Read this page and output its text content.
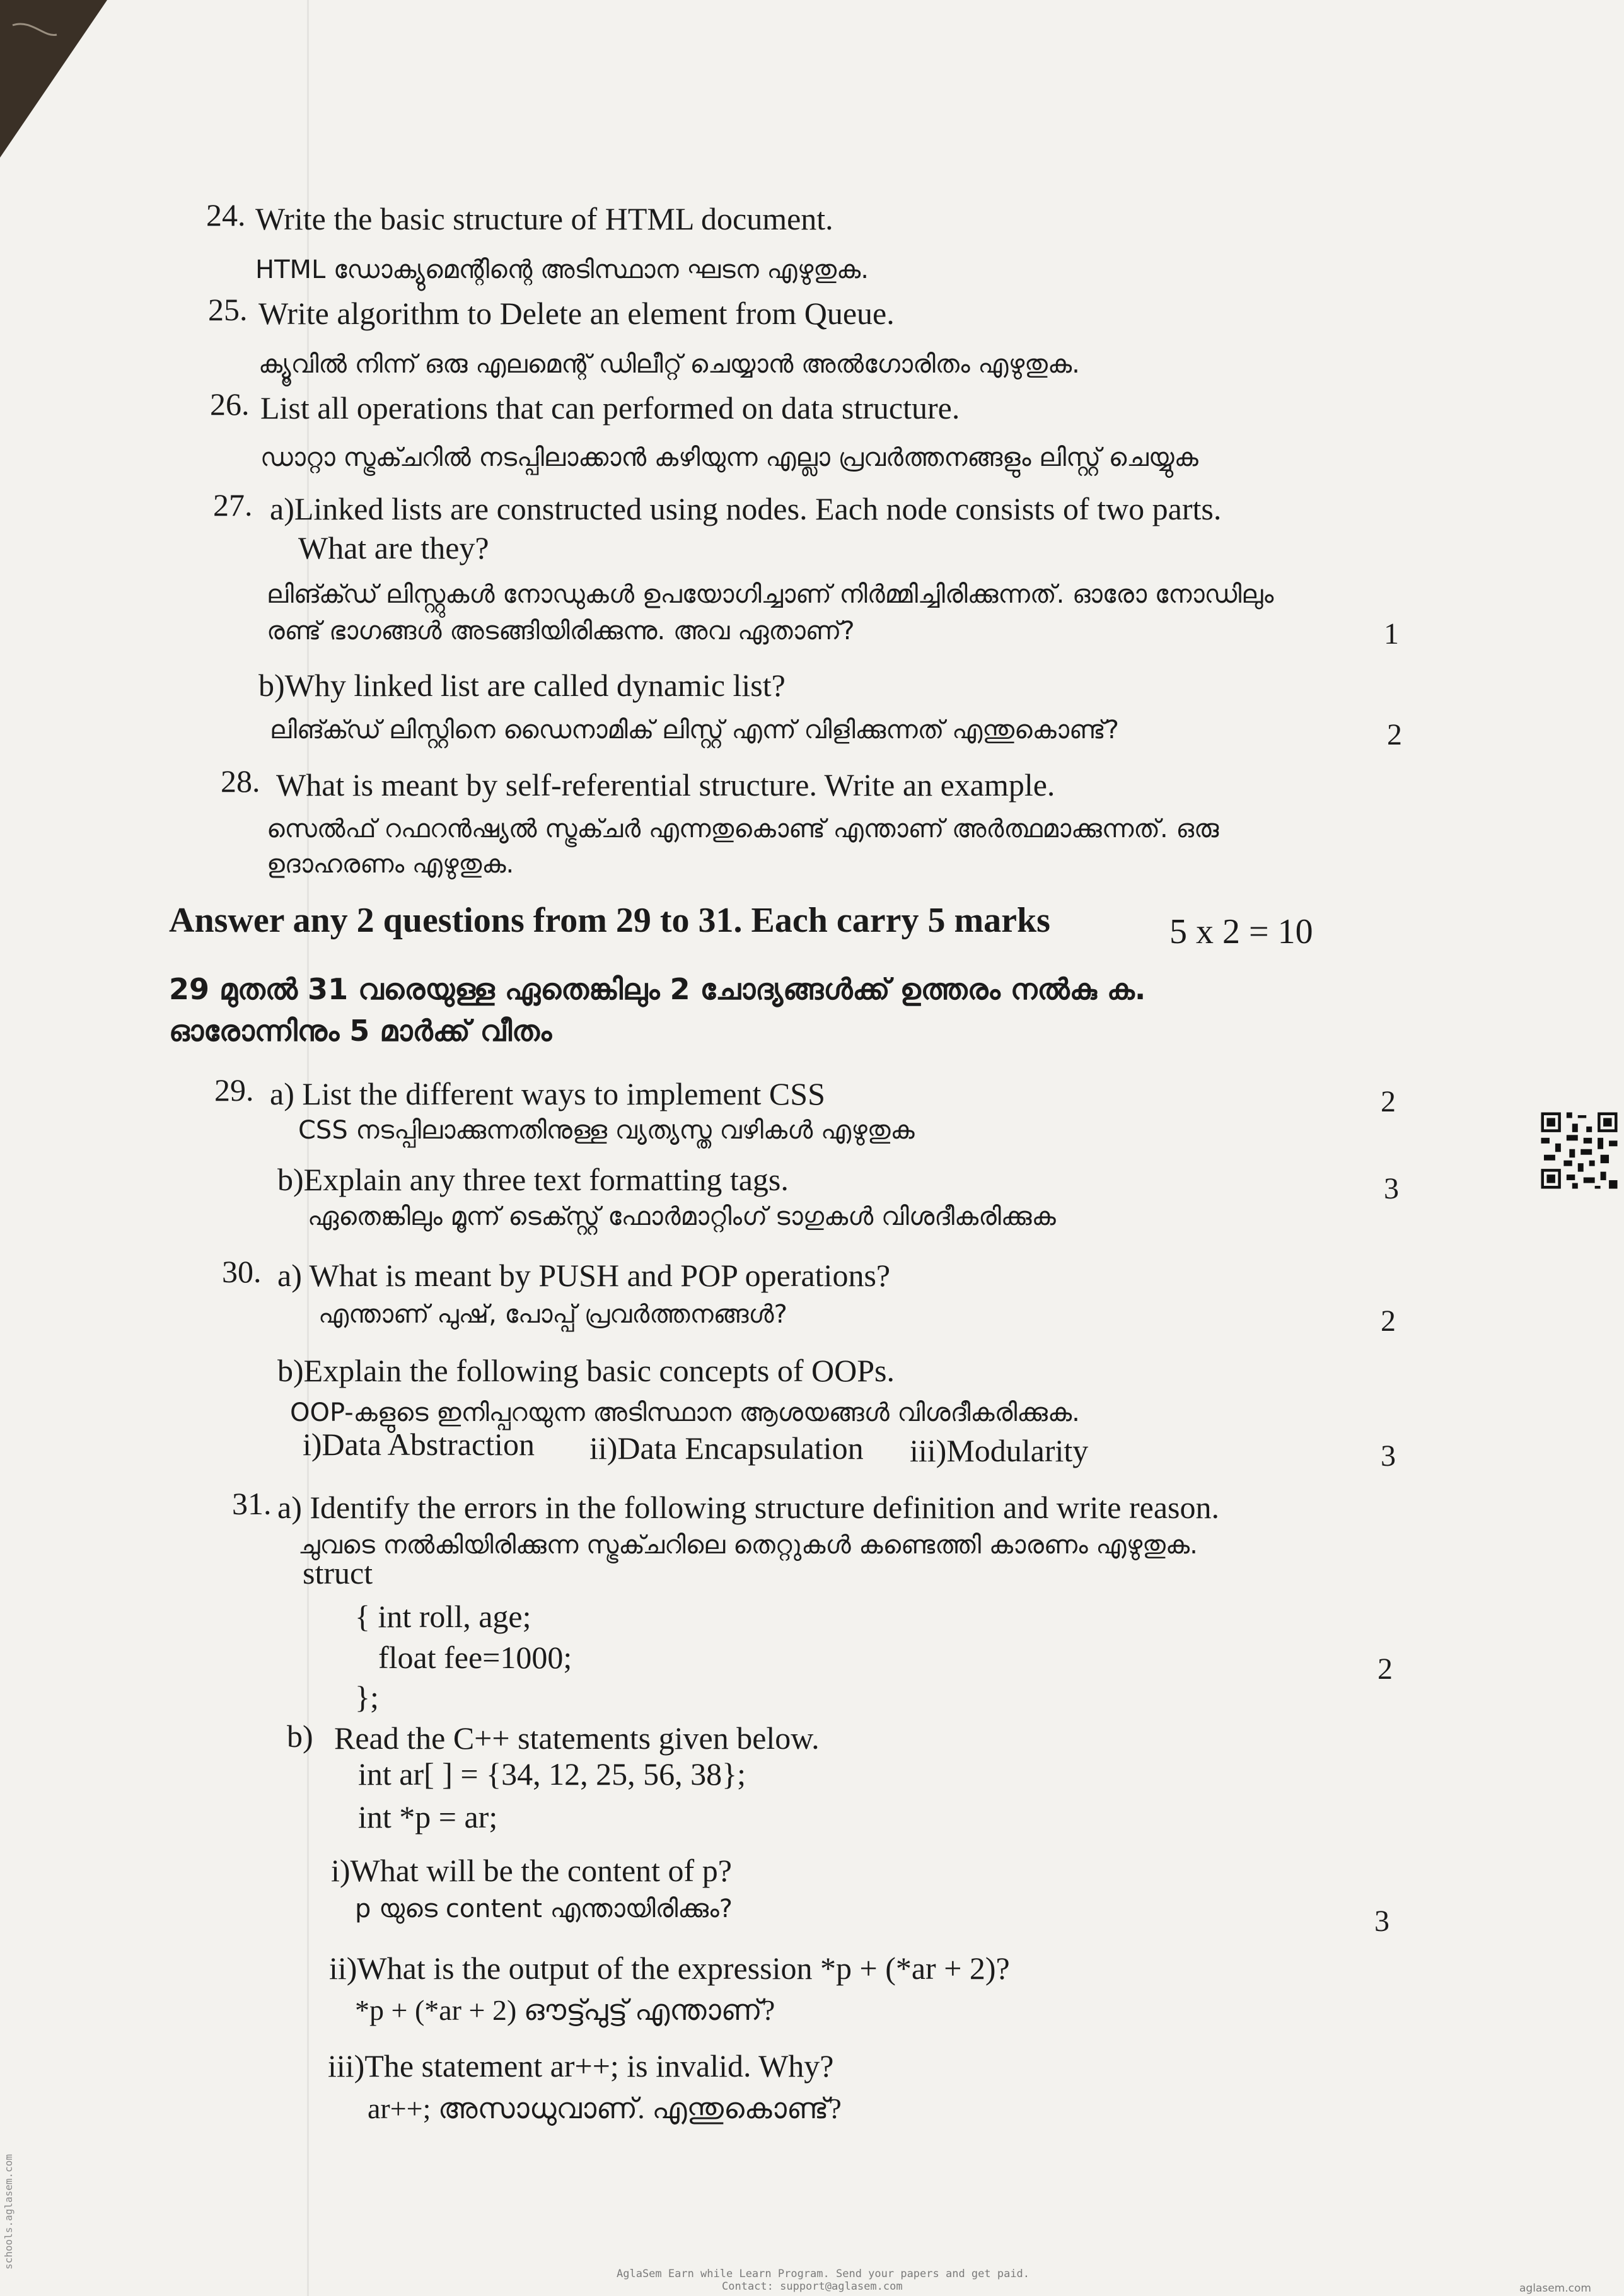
24. Write the basic structure of HTML document.
HTML ഡോക്യുമെന്റിന്റെ അടിസ്ഥാന ഘടന എഴുതുക.
25. Write algorithm to Delete an element from Queue.
ക്യൂവിൽ നിന്ന് ഒരു എലമെന്റ് ഡിലീറ്റ് ചെയ്യാൻ അൽഗോരിതം എഴുതുക.
26. List all operations that can performed on data structure.
ഡാറ്റാ സ്ട്രക്ചറിൽ നടപ്പിലാക്കാൻ കഴിയുന്ന എല്ലാ പ്രവർത്തനങ്ങളും ലിസ്റ്റ് ചെയ്യുക
27. a)Linked lists are constructed using nodes. Each node consists of two parts.
What are they?
ലിങ്ക്ഡ് ലിസ്റ്റുകൾ നോഡുകൾ ഉപയോഗിച്ചാണ് നിർമ്മിച്ചിരിക്കുന്നത്. ഓരോ നോഡിലും
രണ്ട് ഭാഗങ്ങൾ അടങ്ങിയിരിക്കുന്നു. അവ ഏതാണ്?	1
b)Why linked list are called dynamic list?
ലിങ്ക്ഡ് ലിസ്റ്റിനെ ഡൈനാമിക് ലിസ്റ്റ് എന്ന് വിളിക്കുന്നത് എന്തുകൊണ്ട്?	2
28. What is meant by self-referential structure. Write an example.
സെൽഫ് റഫറൻഷ്യൽ സ്ട്രക്ചർ എന്നതുകൊണ്ട് എന്താണ് അർത്ഥമാക്കുന്നത്. ഒരു
ഉദാഹരണം എഴുതുക.
Answer any 2 questions from 29 to 31. Each carry 5 marks	5 x 2 = 10
29 മുതൽ 31 വരെയുള്ള ഏതെങ്കിലും 2 ചോദ്യങ്ങൾക്ക് ഉത്തരം നൽകു ക.
ഓരോന്നിനും 5 മാർക്ക് വീതം
29. a) List the different ways to implement CSS
CSS നടപ്പിലാക്കുന്നതിനുള്ള വ്യത്യസ്ത വഴികൾ എഴുതുക
2
b)Explain any three text formatting tags.
ഏതെങ്കിലും മൂന്ന് ടെക്സ്റ്റ് ഫോർമാറ്റിംഗ് ടാഗുകൾ വിശദീകരിക്കുക
3
30. a) What is meant by PUSH and POP operations?
എന്താണ് പുഷ്, പോപ്പ് പ്രവർത്തനങ്ങൾ?	2
b)Explain the following basic concepts of OOPs.
OOP-കളുടെ ഇനിപ്പറയുന്ന അടിസ്ഥാന ആശയങ്ങൾ വിശദീകരിക്കുക.
i)Data Abstraction ii)Data Encapsulation iii)Modularity	3
31. a) Identify the errors in the following structure definition and write reason.
ചുവടെ നൽകിയിരിക്കുന്ന സ്ട്രക്ചറിലെ തെറ്റുകൾ കണ്ടെത്തി കാരണം എഴുതുക.
struct
{ int roll, age;
float fee=1000;
};
2
b) Read the C++ statements given below.
int ar[ ] = {34, 12, 25, 56, 38};
int *p = ar;
i)What will be the content of p?
p യുടെ content എന്തായിരിക്കും?	3
ii)What is the output of the expression *p + (*ar + 2)?
*p + (*ar + 2) ഔട്ട്പുട്ട് എന്താണ്?
iii)The statement ar++; is invalid. Why?
ar++; അസാധുവാണ്. എന്തുകൊണ്ട്?
AglaSem Earn while Learn Program. Send your papers and get paid.
Contact: support@aglasem.com	aglasem.com
schools.aglasem.com
